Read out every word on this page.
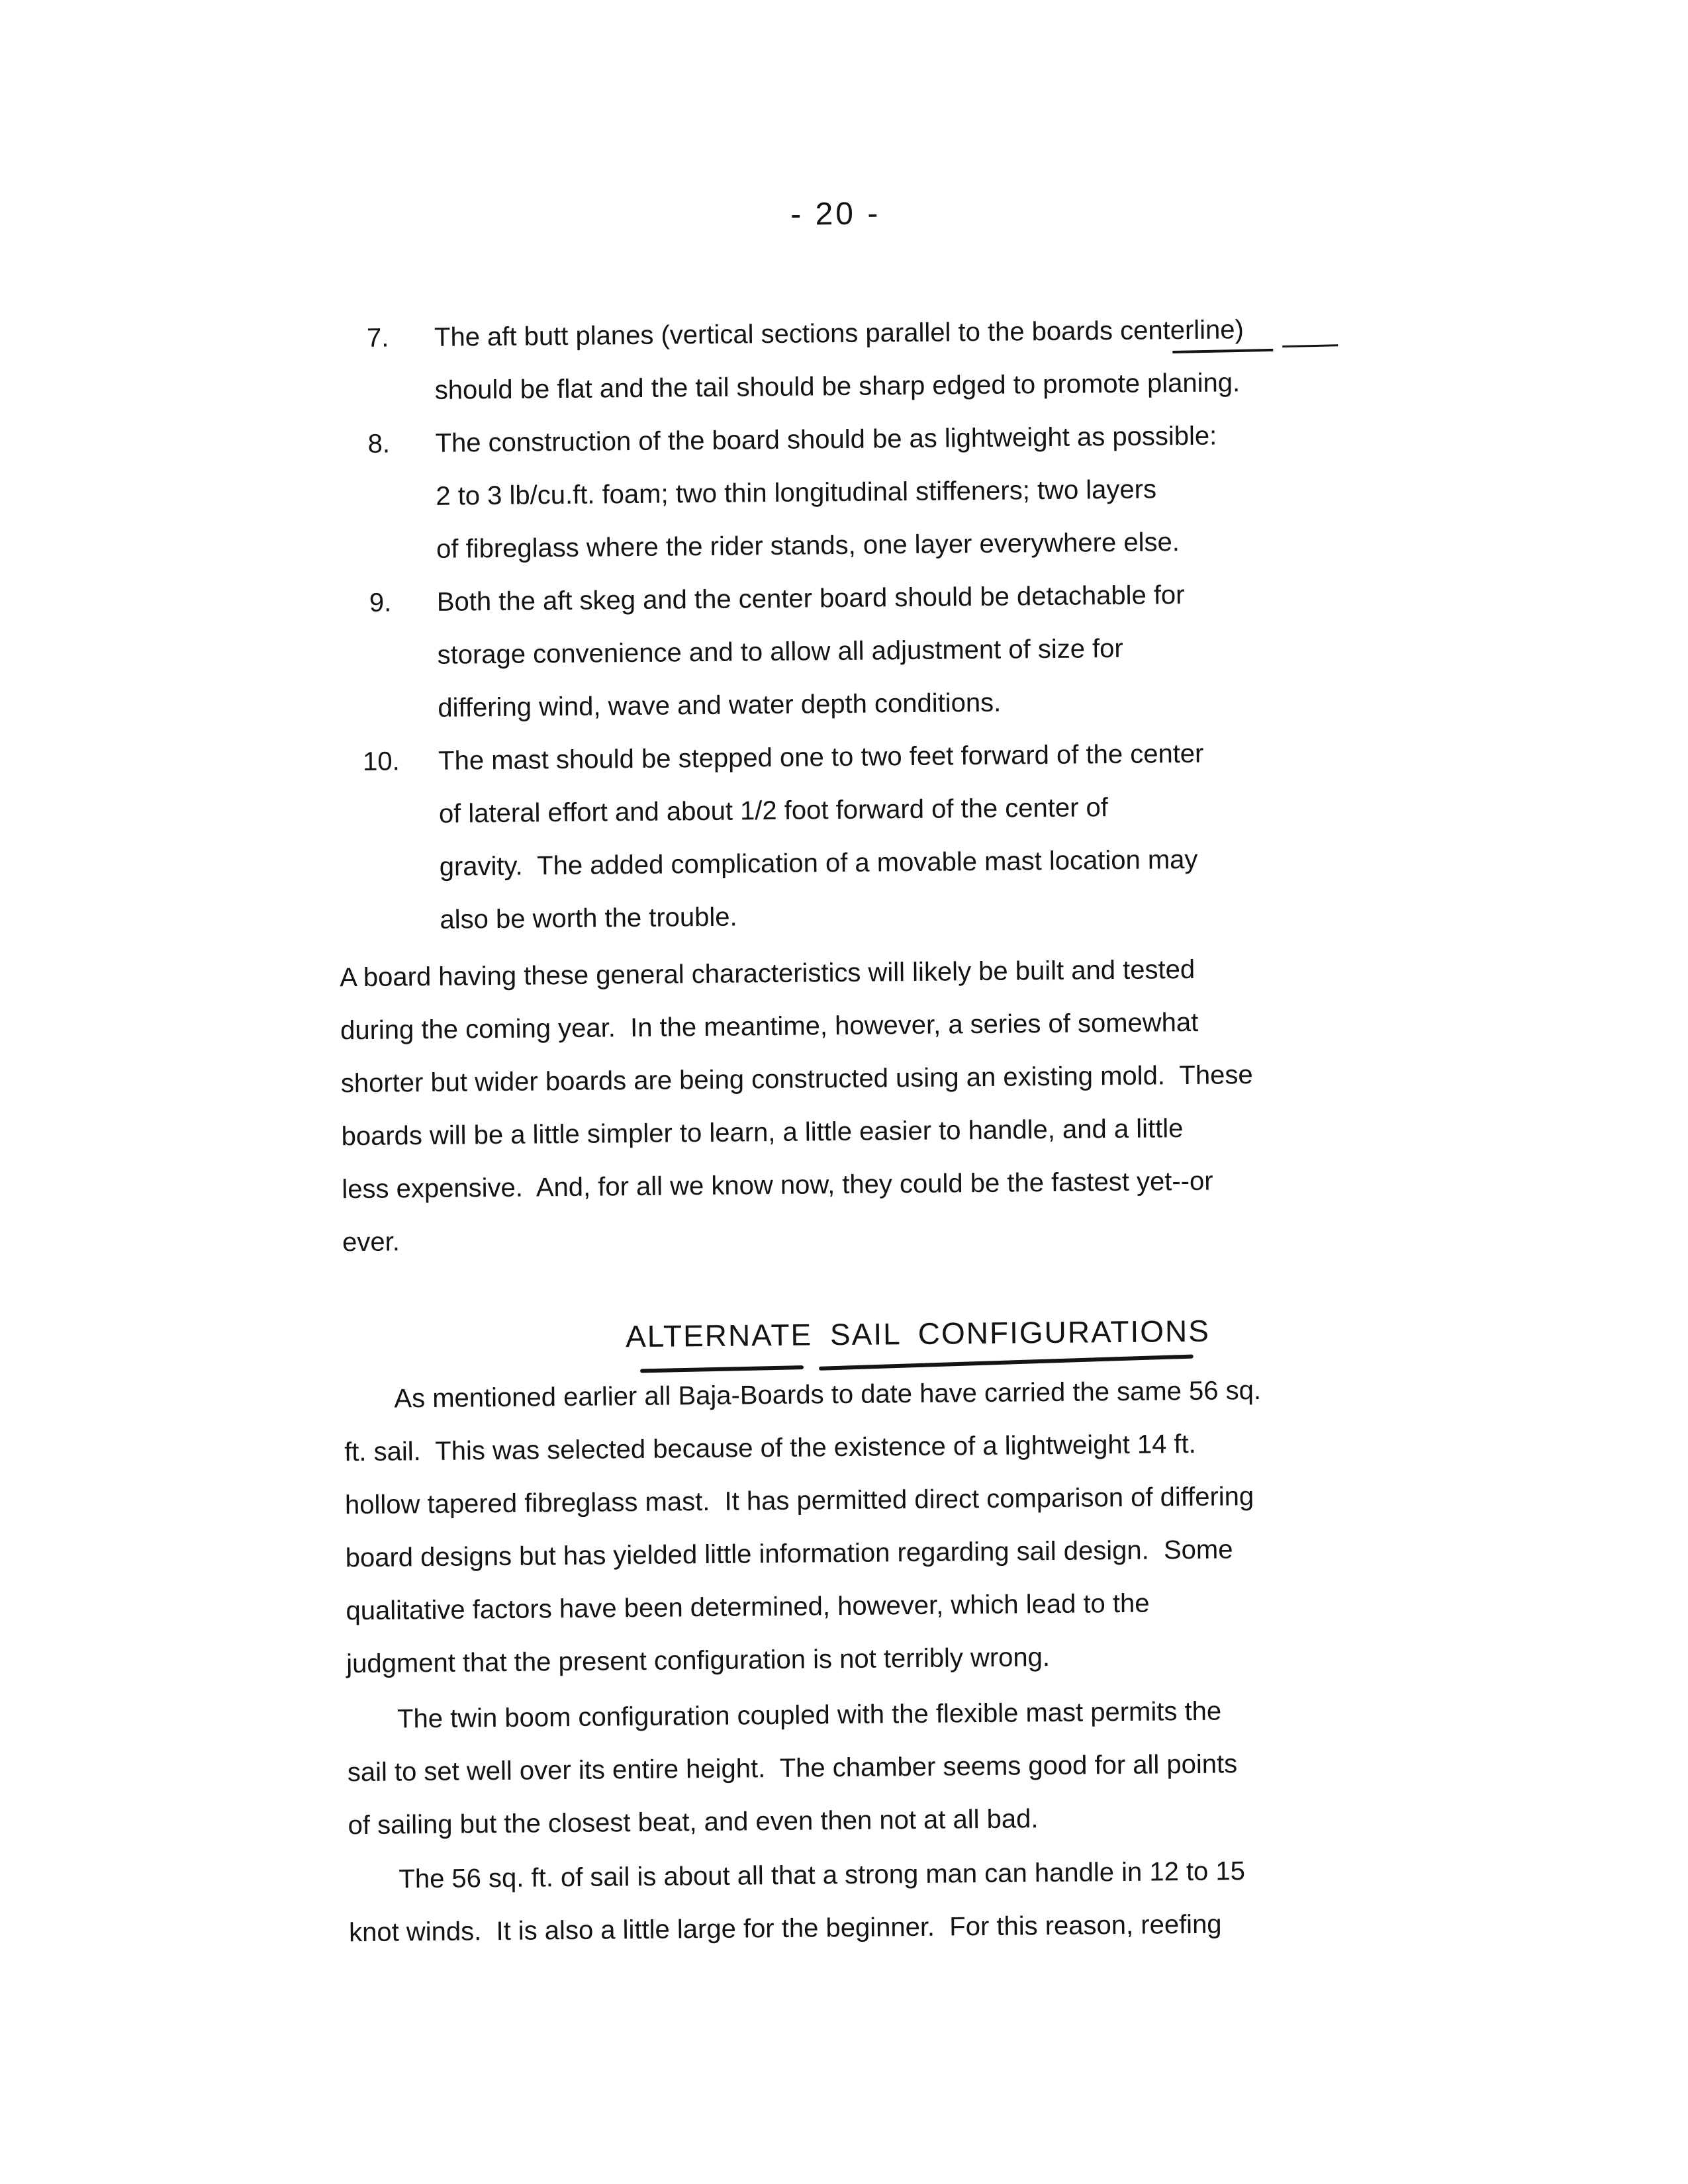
- 20 -
7. The aft butt planes (vertical sections parallel to the boards centerline)
should be flat and the tail should be sharp edged to promote planing.
8. The construction of the board should be as lightweight as possible:
2 to 3 lb/cu.ft. foam; two thin longitudinal stiffeners; two layers
of fibreglass where the rider stands, one layer everywhere else.
9. Both the aft skeg and the center board should be detachable for
storage convenience and to allow all adjustment of size for
differing wind, wave and water depth conditions.
10. The mast should be stepped one to two feet forward of the center
of lateral effort and about 1/2 foot forward of the center of
gravity.  The added complication of a movable mast location may
also be worth the trouble.
A board having these general characteristics will likely be built and tested
during the coming year.  In the meantime, however, a series of somewhat
shorter but wider boards are being constructed using an existing mold.  These
boards will be a little simpler to learn, a little easier to handle, and a little
less expensive.  And, for all we know now, they could be the fastest yet--or
ever.
ALTERNATE SAIL CONFIGURATIONS
As mentioned earlier all Baja-Boards to date have carried the same 56 sq.
ft. sail.  This was selected because of the existence of a lightweight 14 ft.
hollow tapered fibreglass mast.  It has permitted direct comparison of differing
board designs but has yielded little information regarding sail design.  Some
qualitative factors have been determined, however, which lead to the
judgment that the present configuration is not terribly wrong.
The twin boom configuration coupled with the flexible mast permits the
sail to set well over its entire height.  The chamber seems good for all points
of sailing but the closest beat, and even then not at all bad.
The 56 sq. ft. of sail is about all that a strong man can handle in 12 to 15
knot winds.  It is also a little large for the beginner.  For this reason, reefing
